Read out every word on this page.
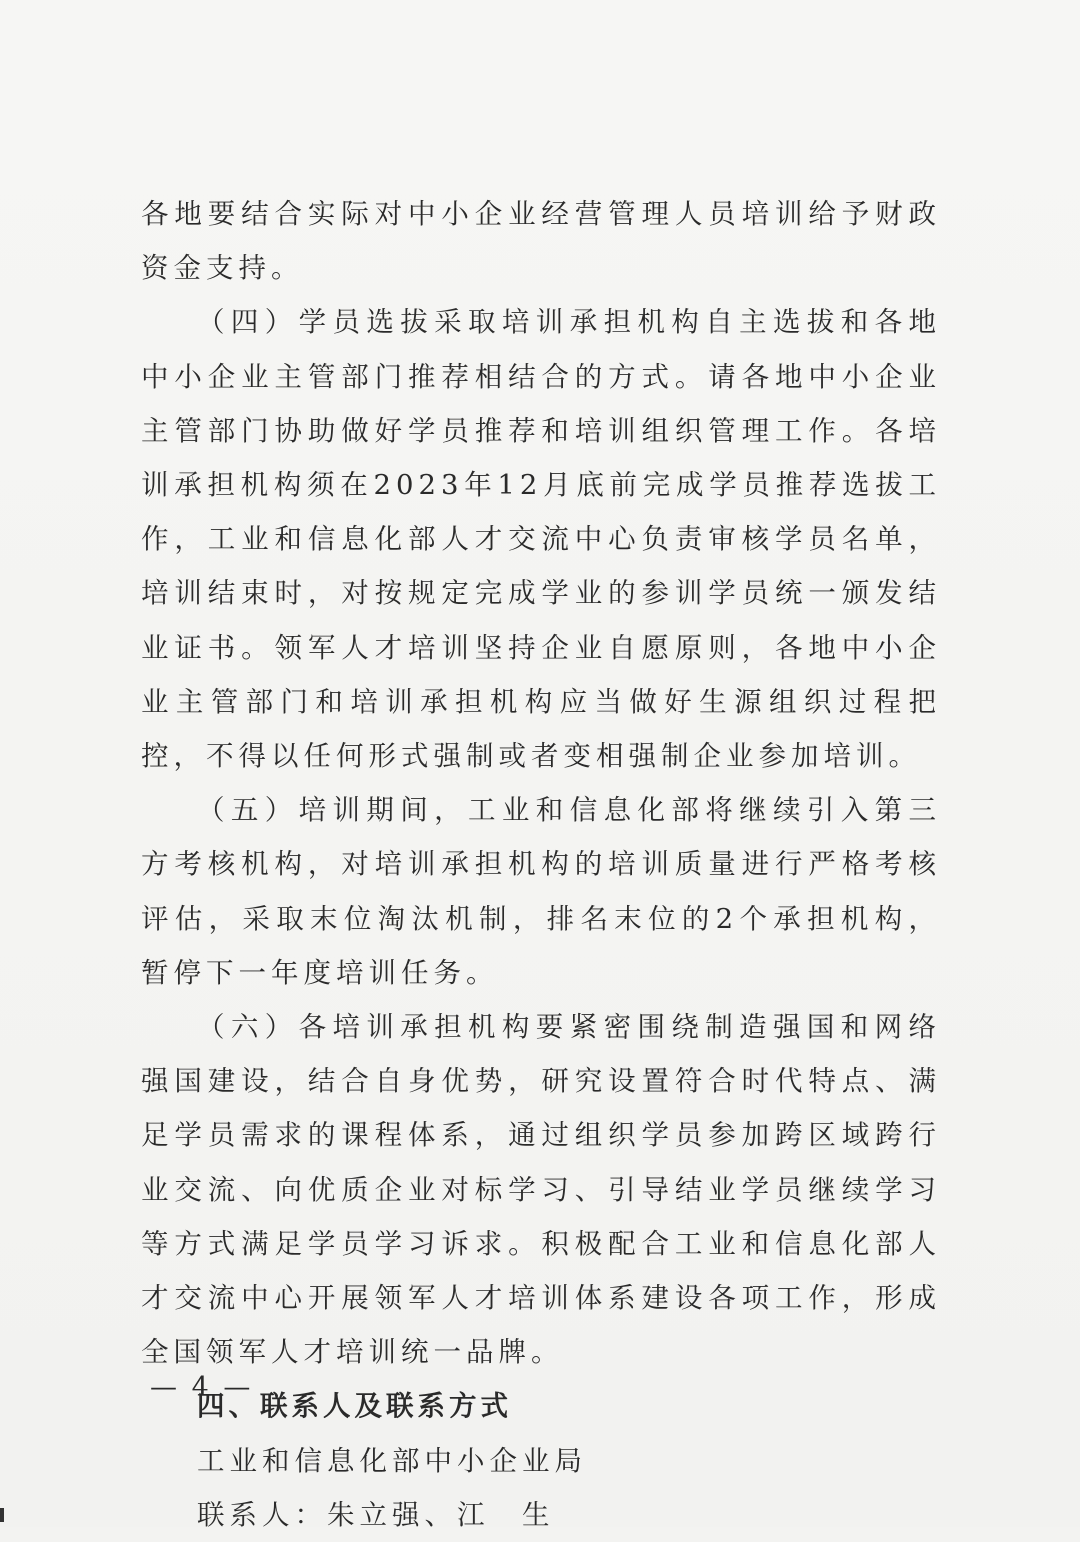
各地要结合实际对中小企业经营管理人员培训给予财政资金支持。

（四）学员选拔采取培训承担机构自主选拔和各地中小企业主管部门推荐相结合的方式。请各地中小企业主管部门协助做好学员推荐和培训组织管理工作。各培训承担机构须在2023年12月底前完成学员推荐选拔工作，工业和信息化部人才交流中心负责审核学员名单，培训结束时，对按规定完成学业的参训学员统一颁发结业证书。领军人才培训坚持企业自愿原则，各地中小企业主管部门和培训承担机构应当做好生源组织过程把控，不得以任何形式强制或者变相强制企业参加培训。

（五）培训期间，工业和信息化部将继续引入第三方考核机构，对培训承担机构的培训质量进行严格考核评估，采取末位淘汰机制，排名末位的2个承担机构，暂停下一年度培训任务。

（六）各培训承担机构要紧密围绕制造强国和网络强国建设，结合自身优势，研究设置符合时代特点、满足学员需求的课程体系，通过组织学员参加跨区域跨行业交流、向优质企业对标学习、引导结业学员继续学习等方式满足学员学习诉求。积极配合工业和信息化部人才交流中心开展领军人才培训体系建设各项工作，形成全国领军人才培训统一品牌。

四、联系人及联系方式

工业和信息化部中小企业局

联系人：朱立强、江　生

— 4 —
